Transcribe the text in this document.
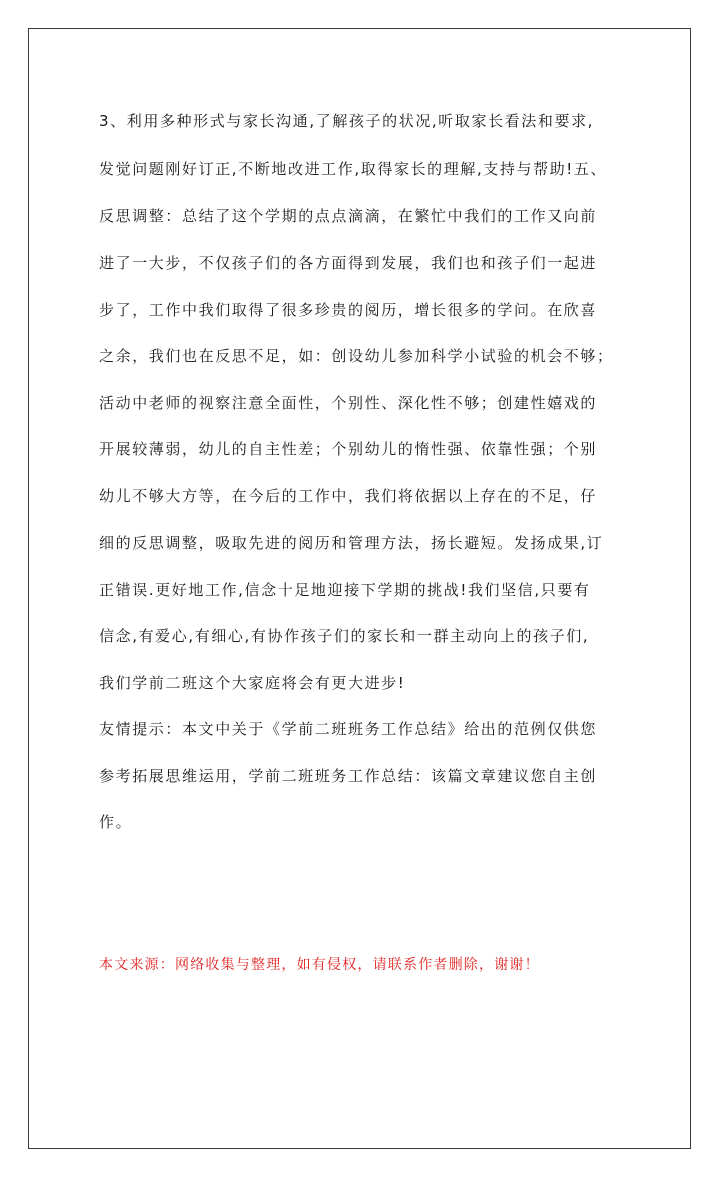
3、利用多种形式与家长沟通,了解孩子的状况,听取家长看法和要求,
发觉问题刚好订正,不断地改进工作,取得家长的理解,支持与帮助!五、
反思调整：总结了这个学期的点点滴滴，在繁忙中我们的工作又向前
进了一大步，不仅孩子们的各方面得到发展，我们也和孩子们一起进
步了，工作中我们取得了很多珍贵的阅历，增长很多的学问。在欣喜
之余，我们也在反思不足，如：创设幼儿参加科学小试验的机会不够；
活动中老师的视察注意全面性，个别性、深化性不够；创建性嬉戏的
开展较薄弱，幼儿的自主性差；个别幼儿的惰性强、依靠性强；个别
幼儿不够大方等，在今后的工作中，我们将依据以上存在的不足，仔
细的反思调整，吸取先进的阅历和管理方法，扬长避短。发扬成果,订
正错误.更好地工作,信念十足地迎接下学期的挑战!我们坚信,只要有
信念,有爱心,有细心,有协作孩子们的家长和一群主动向上的孩子们,
我们学前二班这个大家庭将会有更大进步!
友情提示：本文中关于《学前二班班务工作总结》给出的范例仅供您
参考拓展思维运用，学前二班班务工作总结：该篇文章建议您自主创
作。
本文来源：网络收集与整理，如有侵权，请联系作者删除，谢谢！
